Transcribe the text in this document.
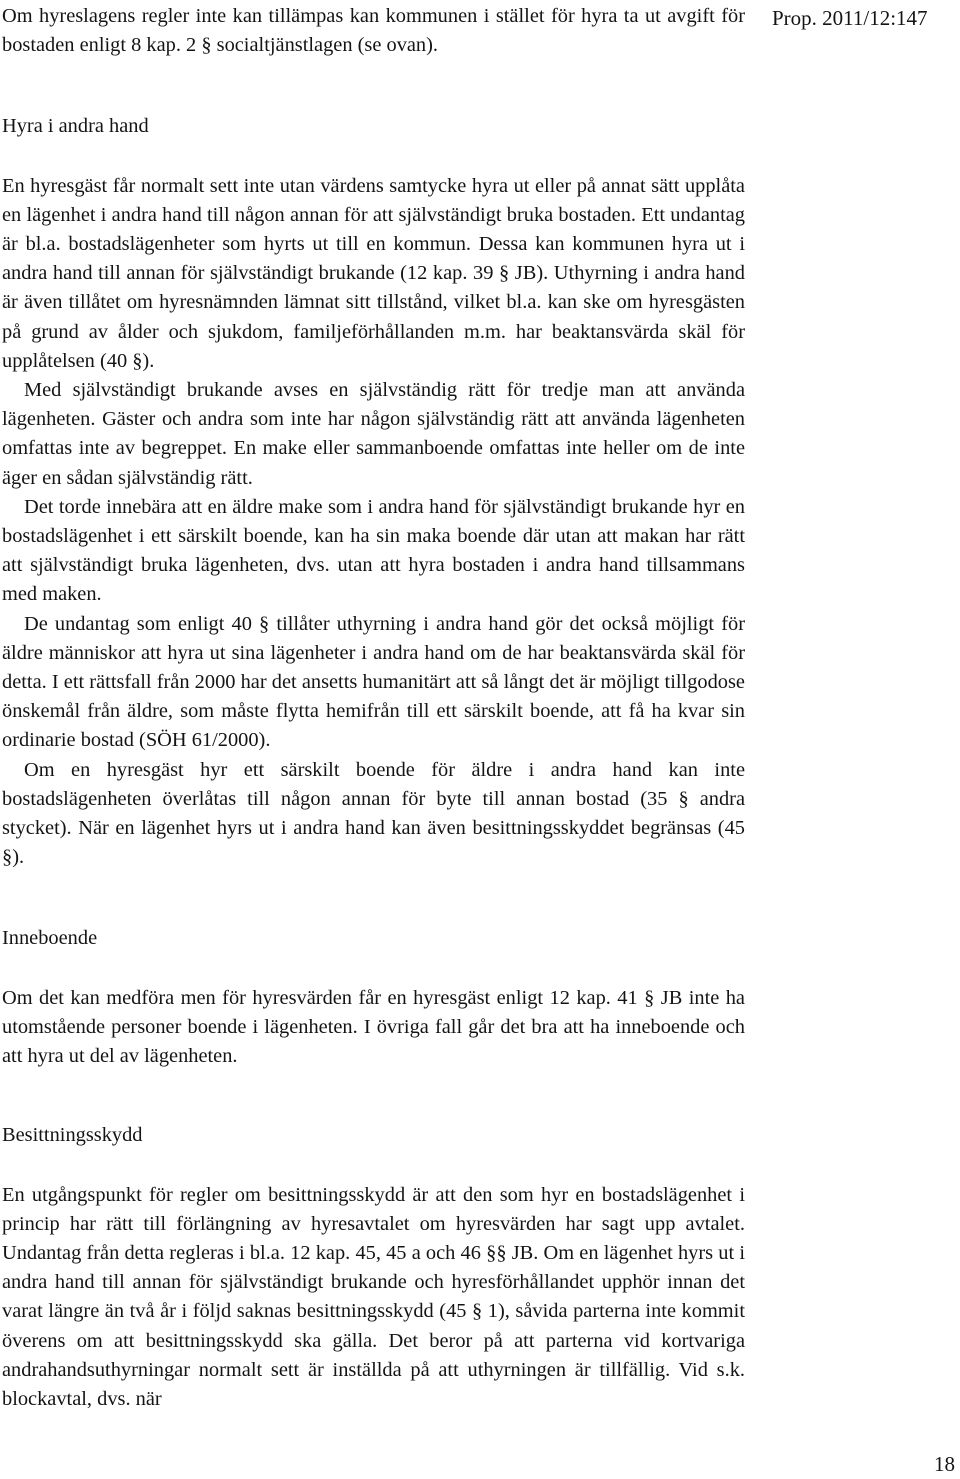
Prop. 2011/12:147

Om hyreslagens regler inte kan tillämpas kan kommunen i stället för hyra ta ut avgift för bostaden enligt 8 kap. 2 § socialtjänstlagen (se ovan).

Hyra i andra hand

En hyresgäst får normalt sett inte utan värdens samtycke hyra ut eller på annat sätt upplåta en lägenhet i andra hand till någon annan för att självständigt bruka bostaden. Ett undantag är bl.a. bostadslägenheter som hyrts ut till en kommun. Dessa kan kommunen hyra ut i andra hand till annan för självständigt brukande (12 kap. 39 § JB). Uthyrning i andra hand är även tillåtet om hyresnämnden lämnat sitt tillstånd, vilket bl.a. kan ske om hyresgästen på grund av ålder och sjukdom, familjeförhållanden m.m. har beaktansvärda skäl för upplåtelsen (40 §).

Med självständigt brukande avses en självständig rätt för tredje man att använda lägenheten. Gäster och andra som inte har någon självständig rätt att använda lägenheten omfattas inte av begreppet. En make eller sammanboende omfattas inte heller om de inte äger en sådan självständig rätt.

Det torde innebära att en äldre make som i andra hand för självständigt brukande hyr en bostadslägenhet i ett särskilt boende, kan ha sin maka boende där utan att makan har rätt att självständigt bruka lägenheten, dvs. utan att hyra bostaden i andra hand tillsammans med maken.

De undantag som enligt 40 § tillåter uthyrning i andra hand gör det också möjligt för äldre människor att hyra ut sina lägenheter i andra hand om de har beaktansvärda skäl för detta. I ett rättsfall från 2000 har det ansetts humanitärt att så långt det är möjligt tillgodose önskemål från äldre, som måste flytta hemifrån till ett särskilt boende, att få ha kvar sin ordinarie bostad (SÖH 61/2000).

Om en hyresgäst hyr ett särskilt boende för äldre i andra hand kan inte bostadslägenheten överlåtas till någon annan för byte till annan bostad (35 § andra stycket). När en lägenhet hyrs ut i andra hand kan även besittningsskyddet begränsas (45 §).

Inneboende

Om det kan medföra men för hyresvärden får en hyresgäst enligt 12 kap. 41 § JB inte ha utomstående personer boende i lägenheten. I övriga fall går det bra att ha inneboende och att hyra ut del av lägenheten.

Besittningsskydd

En utgångspunkt för regler om besittningsskydd är att den som hyr en bostadslägenhet i princip har rätt till förlängning av hyresavtalet om hyresvärden har sagt upp avtalet. Undantag från detta regleras i bl.a. 12 kap. 45, 45 a och 46 §§ JB. Om en lägenhet hyrs ut i andra hand till annan för självständigt brukande och hyresförhållandet upphör innan det varat längre än två år i följd saknas besittningsskydd (45 § 1), såvida parterna inte kommit överens om att besittningsskydd ska gälla. Det beror på att parterna vid kortvariga andrahandsuthyrningar normalt sett är inställda på att uthyrningen är tillfällig. Vid s.k. blockavtal, dvs. när

18
